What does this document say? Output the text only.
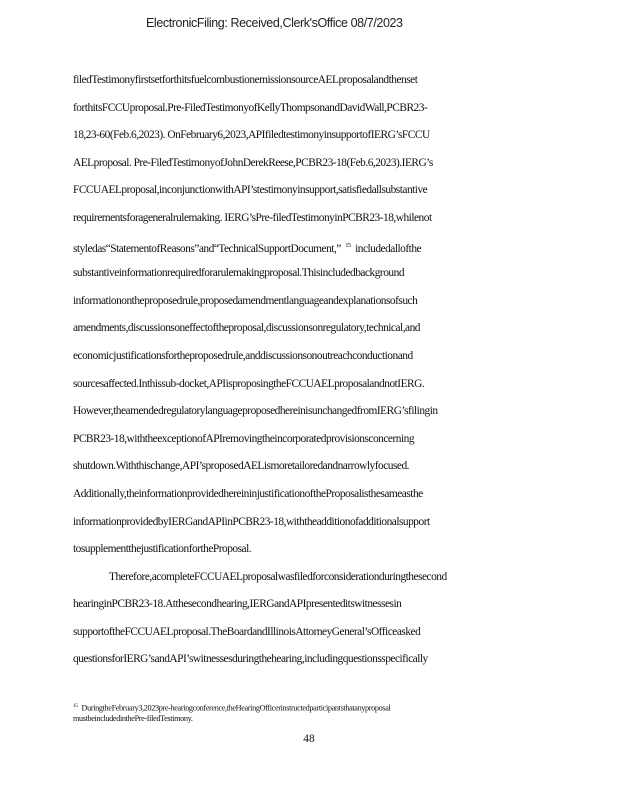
ElectronicFiling: Received,Clerk'sOffice 08/7/2023
filedTestimonyfirstsetforthitsfuelcombustionemissionsourceAELproposalandthenset
forthitsFCCUproposal.Pre-FiledTestimonyofKellyThompsonandDavidWall,PCBR23-
18,23-60(Feb.6,2023). OnFebruary6,2023,APIfiledtestimonyinsupportofIERG’sFCCU
AELproposal. Pre-FiledTestimonyofJohnDerekReese,PCBR23-18(Feb.6,2023).IERG’s
FCCUAELproposal,inconjunctionwithAPI’stestimonyinsupport,satisfiedallsubstantive
requirementsforageneralrulemaking. IERG’sPre-filedTestimonyinPCBR23-18,whilenot
styledas“StatementofReasons”and“TechnicalSupportDocument,” $^{15}$ includedallofthe
substantiveinformationrequiredforarulemakingproposal.Thisincludedbackground
informationontheproposedrule,proposedamendmentlanguageandexplanationsofsuch
amendments,discussionsoneffectoftheproposal,discussionsonregulatory,technical,and
economicjustificationsfortheproposedrule,anddiscussionsonoutreachconductionand
sourcesaffected.Inthissub-docket,APIisproposingtheFCCUAELproposalandnotIERG.
However,theamendedregulatorylanguageproposedhereinisunchangedfromIERG’sfilingin
PCBR23-18,withtheexceptionofAPIremovingtheincorporatedprovisionsconcerning
shutdown.Withthischange,API’sproposedAELismoretailoredandnarrowlyfocused.
Additionally,theinformationprovidedhereininjustificationoftheProposalisthesameasthe
informationprovidedbyIERGandAPIinPCBR23-18,withtheadditionofadditionalsupport
tosupplementthejustificationfortheProposal.
Therefore,acompleteFCCUAELproposalwasfiledforconsiderationduringthesecond
hearinginPCBR23-18.Atthesecondhearing,IERGandAPIpresenteditswitnessesin
supportoftheFCCUAELproposal.TheBoardandIllinoisAttorneyGeneral’sOfficeasked
questionsforIERG’sandAPI’switnessesduringthehearing,includingquestionsspecifically
$^{15}$ DuringtheFebruary3,2023pre-hearingconference,theHearingOfficerinstructedparticipantsthatanyproposal
mustbeincludedinthePre-filedTestimony.
48
